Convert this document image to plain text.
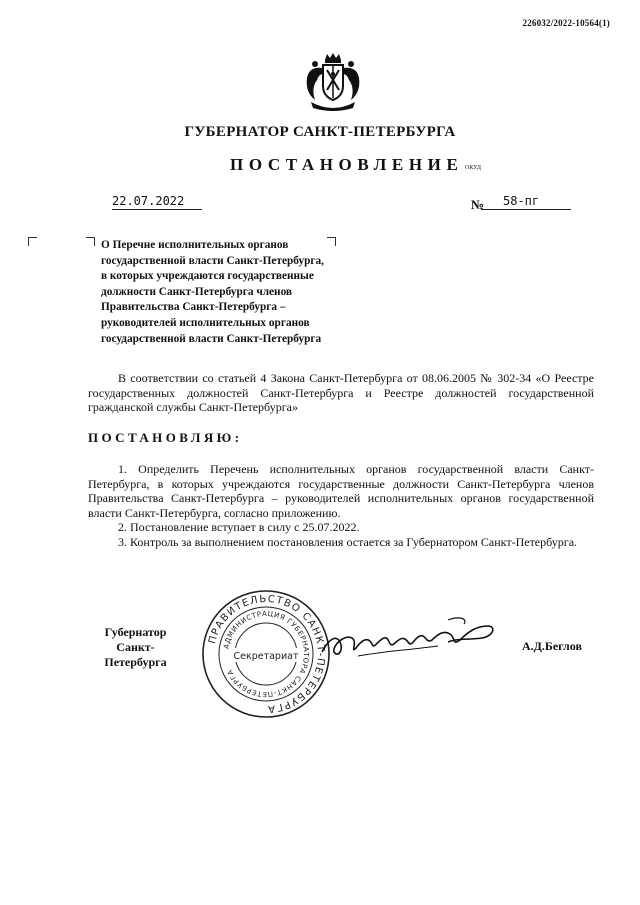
226032/2022-10564(1)
ГУБЕРНАТОР САНКТ-ПЕТЕРБУРГА
ПОСТАНОВЛЕНИЕ ОКУД
22.07.2022	№	58-пг
О Перечне исполнительных органов
государственной власти Санкт-Петербурга,
в которых учреждаются государственные
должности Санкт-Петербурга членов
Правительства Санкт-Петербурга –
руководителей исполнительных органов
государственной власти Санкт-Петербурга
В соответствии со статьей 4 Закона Санкт-Петербурга от 08.06.2005 № 302-34 «О Реестре государственных должностей Санкт-Петербурга и Реестре должностей государственной гражданской службы Санкт-Петербурга»
ПОСТАНОВЛЯЮ:

1. Определить Перечень исполнительных органов государственной власти Санкт-Петербурга, в которых учреждаются государственные должности Санкт-Петербурга членов Правительства Санкт-Петербурга – руководителей исполнительных органов государственной власти Санкт-Петербурга, согласно приложению.

2. Постановление вступает в силу с 25.07.2022.

3. Контроль за выполнением постановления остается за Губернатором Санкт-Петербурга.

Губернатор
Санкт-Петербурга
ПРАВИТЕЛЬСТВО САНКТ-ПЕТЕРБУРГА
АДМИНИСТРАЦИЯ ГУБЕРНАТОРА САНКТ-ПЕТЕРБУРГА
Секретариат
А.Д.Беглов
